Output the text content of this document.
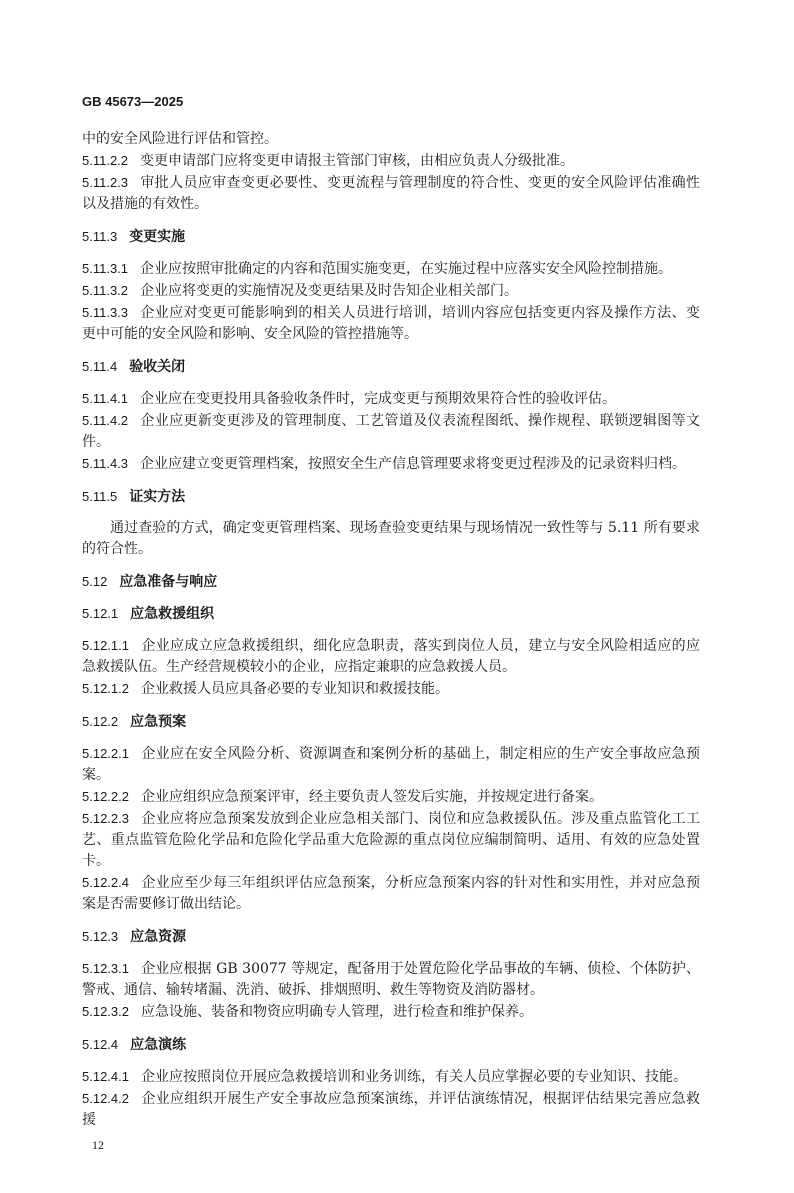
GB 45673—2025
中的安全风险进行评估和管控。
5.11.2.2 变更申请部门应将变更申请报主管部门审核，由相应负责人分级批准。
5.11.2.3 审批人员应审查变更必要性、变更流程与管理制度的符合性、变更的安全风险评估准确性以及措施的有效性。
5.11.3 变更实施
5.11.3.1 企业应按照审批确定的内容和范围实施变更，在实施过程中应落实安全风险控制措施。
5.11.3.2 企业应将变更的实施情况及变更结果及时告知企业相关部门。
5.11.3.3 企业应对变更可能影响到的相关人员进行培训，培训内容应包括变更内容及操作方法、变更中可能的安全风险和影响、安全风险的管控措施等。
5.11.4 验收关闭
5.11.4.1 企业应在变更投用具备验收条件时，完成变更与预期效果符合性的验收评估。
5.11.4.2 企业应更新变更涉及的管理制度、工艺管道及仪表流程图纸、操作规程、联锁逻辑图等文件。
5.11.4.3 企业应建立变更管理档案，按照安全生产信息管理要求将变更过程涉及的记录资料归档。
5.11.5 证实方法
通过查验的方式，确定变更管理档案、现场查验变更结果与现场情况一致性等与 5.11 所有要求的符合性。
5.12 应急准备与响应
5.12.1 应急救援组织
5.12.1.1 企业应成立应急救援组织，细化应急职责，落实到岗位人员，建立与安全风险相适应的应急救援队伍。生产经营规模较小的企业，应指定兼职的应急救援人员。
5.12.1.2 企业救援人员应具备必要的专业知识和救援技能。
5.12.2 应急预案
5.12.2.1 企业应在安全风险分析、资源调查和案例分析的基础上，制定相应的生产安全事故应急预案。
5.12.2.2 企业应组织应急预案评审，经主要负责人签发后实施，并按规定进行备案。
5.12.2.3 企业应将应急预案发放到企业应急相关部门、岗位和应急救援队伍。涉及重点监管化工工艺、重点监管危险化学品和危险化学品重大危险源的重点岗位应编制简明、适用、有效的应急处置卡。
5.12.2.4 企业应至少每三年组织评估应急预案，分析应急预案内容的针对性和实用性，并对应急预案是否需要修订做出结论。
5.12.3 应急资源
5.12.3.1 企业应根据 GB 30077 等规定，配备用于处置危险化学品事故的车辆、侦检、个体防护、警戒、通信、输转堵漏、洗消、破拆、排烟照明、救生等物资及消防器材。
5.12.3.2 应急设施、装备和物资应明确专人管理，进行检查和维护保养。
5.12.4 应急演练
5.12.4.1 企业应按照岗位开展应急救援培训和业务训练，有关人员应掌握必要的专业知识、技能。
5.12.4.2 企业应组织开展生产安全事故应急预案演练，并评估演练情况，根据评估结果完善应急救援
12
